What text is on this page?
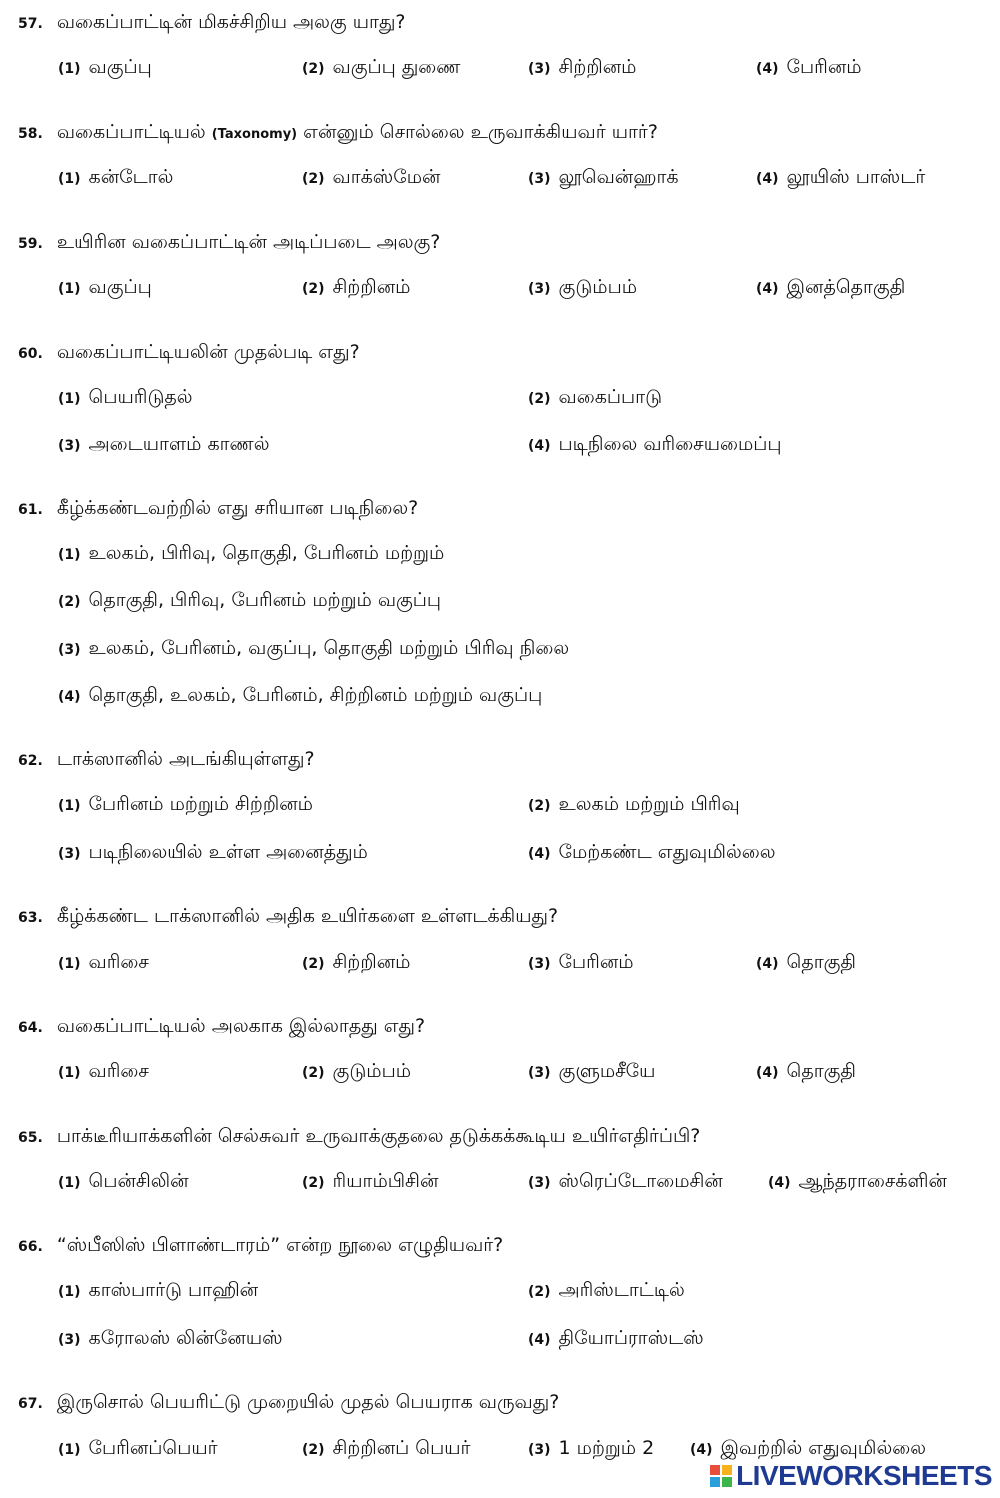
57. வகைப்பாட்டின் மிகச்சிறிய அலகு யாது?
(1) வகுப்பு	(2) வகுப்பு துணை	(3) சிற்றினம்	(4) பேரினம்
58. வகைப்பாட்டியல் (Taxonomy) என்னும் சொல்லை உருவாக்கியவர் யார்?
(1) கன்டோல்	(2) வாக்ஸ்மேன்	(3) லூவென்ஹாக்	(4) லூயிஸ் பாஸ்டர்
59. உயிரின வகைப்பாட்டின் அடிப்படை அலகு?
(1) வகுப்பு	(2) சிற்றினம்	(3) குடும்பம்	(4) இனத்தொகுதி
60. வகைப்பாட்டியலின் முதல்படி எது?
(1) பெயரிடுதல்	(2) வகைப்பாடு
(3) அடையாளம் காணல்	(4) படிநிலை வரிசையமைப்பு
61. கீழ்க்கண்டவற்றில் எது சரியான படிநிலை?
(1) உலகம், பிரிவு, தொகுதி, பேரினம் மற்றும்
(2) தொகுதி, பிரிவு, பேரினம் மற்றும் வகுப்பு
(3) உலகம், பேரினம், வகுப்பு, தொகுதி மற்றும் பிரிவு நிலை
(4) தொகுதி, உலகம், பேரினம், சிற்றினம் மற்றும் வகுப்பு
62. டாக்ஸானில் அடங்கியுள்ளது?
(1) பேரினம் மற்றும் சிற்றினம்	(2) உலகம் மற்றும் பிரிவு
(3) படிநிலையில் உள்ள அனைத்தும்	(4) மேற்கண்ட எதுவுமில்லை
63. கீழ்க்கண்ட டாக்ஸானில் அதிக உயிர்களை உள்ளடக்கியது?
(1) வரிசை	(2) சிற்றினம்	(3) பேரினம்	(4) தொகுதி
64. வகைப்பாட்டியல் அலகாக இல்லாதது எது?
(1) வரிசை	(2) குடும்பம்	(3) குளுமசீயே	(4) தொகுதி
65. பாக்டீரியாக்களின் செல்சுவர் உருவாக்குதலை தடுக்கக்கூடிய உயிர்எதிர்ப்பி?
(1) பென்சிலின்	(2) ரியாம்பிசின்	(3) ஸ்ரெப்டோமைசின்	(4) ஆந்தராசைக்ளின்
66. “ஸ்பீஸிஸ் பிளாண்டாரம்” என்ற நூலை எழுதியவர்?
(1) காஸ்பார்டு பாஹின்	(2) அரிஸ்டாட்டில்
(3) கரோலஸ் லின்னேயஸ்	(4) தியோப்ராஸ்டஸ்
67. இருசொல் பெயரிட்டு முறையில் முதல் பெயராக வருவது?
(1) பேரினப்பெயர்	(2) சிற்றினப் பெயர்	(3) 1 மற்றும் 2	(4) இவற்றில் எதுவுமில்லை
LIVEWORKSHEETS
